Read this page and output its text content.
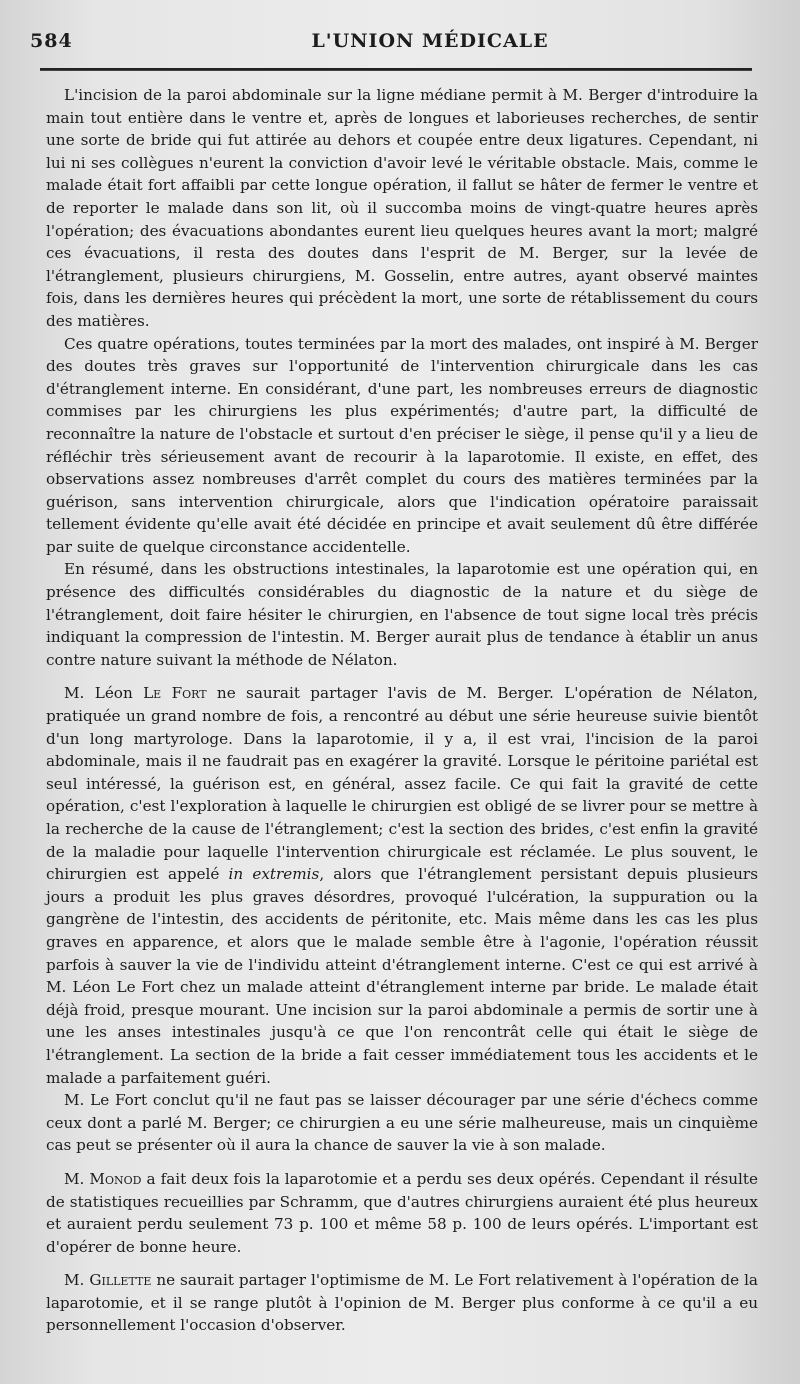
584	L'UNION MÉDICALE

L'incision de la paroi abdominale sur la ligne médiane permit à M. Berger d'introduire la main tout entière dans le ventre et, après de longues et laborieuses recherches, de sentir une sorte de bride qui fut attirée au dehors et coupée entre deux ligatures. Cependant, ni lui ni ses collègues n'eurent la conviction d'avoir levé le véritable obstacle. Mais, comme le malade était fort affaibli par cette longue opération, il fallut se hâter de fermer le ventre et de reporter le malade dans son lit, où il succomba moins de vingt-quatre heures après l'opération; des évacuations abondantes eurent lieu quelques heures avant la mort; malgré ces évacuations, il resta des doutes dans l'esprit de M. Berger, sur la levée de l'étranglement, plusieurs chirurgiens, M. Gosselin, entre autres, ayant observé maintes fois, dans les dernières heures qui précèdent la mort, une sorte de rétablissement du cours des matières.

Ces quatre opérations, toutes terminées par la mort des malades, ont inspiré à M. Berger des doutes très graves sur l'opportunité de l'intervention chirurgicale dans les cas d'étranglement interne. En considérant, d'une part, les nombreuses erreurs de diagnostic commises par les chirurgiens les plus expérimentés; d'autre part, la difficulté de reconnaître la nature de l'obstacle et surtout d'en préciser le siège, il pense qu'il y a lieu de réfléchir très sérieusement avant de recourir à la laparotomie. Il existe, en effet, des observations assez nombreuses d'arrêt complet du cours des matières terminées par la guérison, sans intervention chirurgicale, alors que l'indication opératoire paraissait tellement évidente qu'elle avait été décidée en principe et avait seulement dû être différée par suite de quelque circonstance accidentelle.

En résumé, dans les obstructions intestinales, la laparotomie est une opération qui, en présence des difficultés considérables du diagnostic de la nature et du siège de l'étranglement, doit faire hésiter le chirurgien, en l'absence de tout signe local très précis indiquant la compression de l'intestin. M. Berger aurait plus de tendance à établir un anus contre nature suivant la méthode de Nélaton.

M. Léon Le Fort ne saurait partager l'avis de M. Berger. L'opération de Nélaton, pratiquée un grand nombre de fois, a rencontré au début une série heureuse suivie bientôt d'un long martyrologe. Dans la laparotomie, il y a, il est vrai, l'incision de la paroi abdominale, mais il ne faudrait pas en exagérer la gravité. Lorsque le péritoine pariétal est seul intéressé, la guérison est, en général, assez facile. Ce qui fait la gravité de cette opération, c'est l'exploration à laquelle le chirurgien est obligé de se livrer pour se mettre à la recherche de la cause de l'étranglement; c'est la section des brides, c'est enfin la gravité de la maladie pour laquelle l'intervention chirurgicale est réclamée. Le plus souvent, le chirurgien est appelé in extremis, alors que l'étranglement persistant depuis plusieurs jours a produit les plus graves désordres, provoqué l'ulcération, la suppuration ou la gangrène de l'intestin, des accidents de péritonite, etc. Mais même dans les cas les plus graves en apparence, et alors que le malade semble être à l'agonie, l'opération réussit parfois à sauver la vie de l'individu atteint d'étranglement interne. C'est ce qui est arrivé à M. Léon Le Fort chez un malade atteint d'étranglement interne par bride. Le malade était déjà froid, presque mourant. Une incision sur la paroi abdominale a permis de sortir une à une les anses intestinales jusqu'à ce que l'on rencontrât celle qui était le siège de l'étranglement. La section de la bride a fait cesser immédiatement tous les accidents et le malade a parfaitement guéri.

M. Le Fort conclut qu'il ne faut pas se laisser décourager par une série d'échecs comme ceux dont a parlé M. Berger; ce chirurgien a eu une série malheureuse, mais un cinquième cas peut se présenter où il aura la chance de sauver la vie à son malade.

M. Monod a fait deux fois la laparotomie et a perdu ses deux opérés. Cependant il résulte de statistiques recueillies par Schramm, que d'autres chirurgiens auraient été plus heureux et auraient perdu seulement 73 p. 100 et même 58 p. 100 de leurs opérés. L'important est d'opérer de bonne heure.

M. Gillette ne saurait partager l'optimisme de M. Le Fort relativement à l'opération de la laparotomie, et il se range plutôt à l'opinion de M. Berger plus conforme à ce qu'il a eu personnellement l'occasion d'observer.
